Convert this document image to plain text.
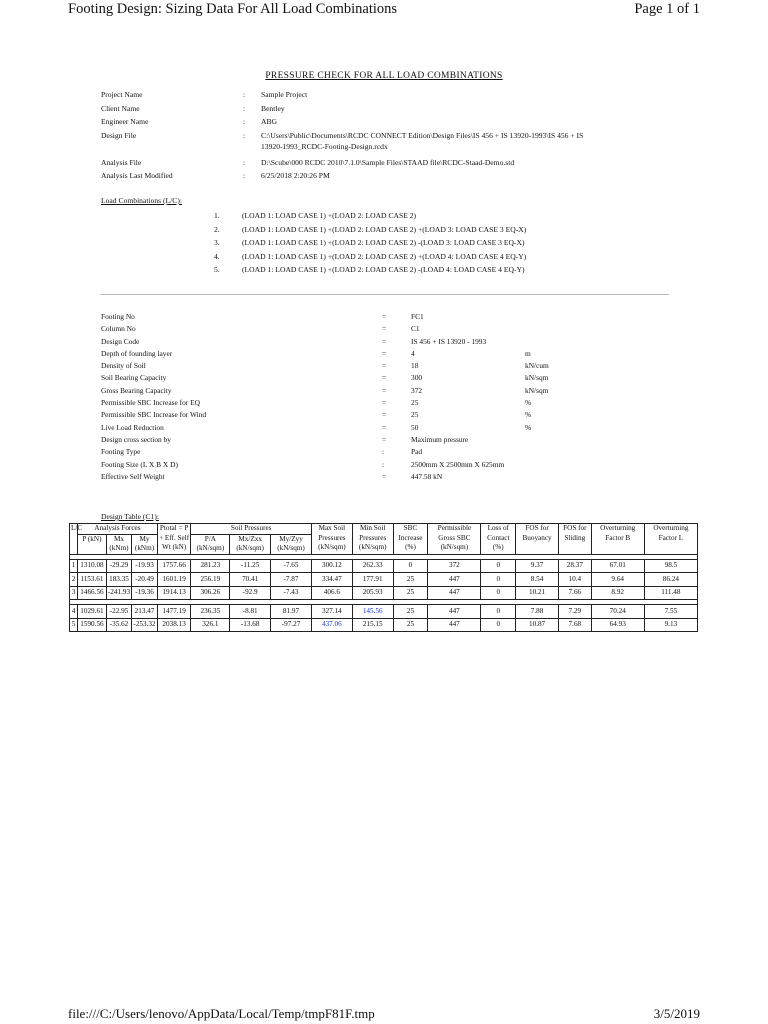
Footing Design: Sizing Data For All Load Combinations	Page 1 of 1
PRESSURE CHECK FOR ALL LOAD COMBINATIONS
Project Name	: Sample Project
Client Name	: Bentley
Engineer Name	: ABG
Design File	: C:\Users\Public\Documents\RCDC CONNECT Edition\Design Files\IS 456 + IS 13920-1993\IS 456 + IS 13920-1993_RCDC-Footing-Design.rcdx
Analysis File	: D:\Scube\000 RCDC 2010\7.1.0\Sample Files\STAAD file\RCDC-Staad-Demo.std
Analysis Last Modified	: 6/25/2018 2:20:26 PM
Load Combinations (L/C):
1.	(LOAD 1: LOAD CASE 1) +(LOAD 2: LOAD CASE 2)
2.	(LOAD 1: LOAD CASE 1) +(LOAD 2: LOAD CASE 2) +(LOAD 3: LOAD CASE 3 EQ-X)
3.	(LOAD 1: LOAD CASE 1) +(LOAD 2: LOAD CASE 2) -(LOAD 3: LOAD CASE 3 EQ-X)
4.	(LOAD 1: LOAD CASE 1) +(LOAD 2: LOAD CASE 2) +(LOAD 4: LOAD CASE 4 EQ-Y)
5.	(LOAD 1: LOAD CASE 1) +(LOAD 2: LOAD CASE 2) -(LOAD 4: LOAD CASE 4 EQ-Y)
Footing No	=	FC1
Column No	=	C1
Design Code	=	IS 456 + IS 13920 - 1993
Depth of founding layer	=	4	m
Density of Soil	=	18	kN/cum
Soil Bearing Capacity	=	300	kN/sqm
Gross Bearing Capacity	=	372	kN/sqm
Permissible SBC Increase for EQ	=	25	%
Permissible SBC Increase for Wind	=	25	%
Live Load Reduction	=	50	%
Design cross section by	=	Maximum pressure
Footing Type	:	Pad
Footing Size (L X B X D)	:	2500mm X 2500mm X 625mm
Effective Self Weight	=	447.58 kN
Design Table (C1):
L/C	Analysis Forces			Ptotal = P + Eff. Self Wt (kN)	Soil Pressures			Max Soil Pressures (kN/sqm)	Min Soil Pressures (kN/sqm)	SBC Increase (%)	Permissible Gross SBC (kN/sqm)	Loss of Contact (%)	FOS for Buoyancy	FOS for Sliding	Overturning Factor B	Overturning Factor L
	P (kN)	Mx (kNm)	My (kNm)		P/A (kN/sqm)	Mx/Zxx (kN/sqm)	My/Zyy (kN/sqm)									

1	1310.08	-29.29	-19.93	1757.66	281.23	-11.25	-7.65	300.12	262.33	0	372	0	9.37	28.37	67.01	98.5
2	1153.61	183.35	-20.49	1601.19	256.19	70.41	-7.87	334.47	177.91	25	447	0	8.54	10.4	9.64	86.24
3	1466.56	-241.93	-19.36	1914.13	306.26	-92.9	-7.43	406.6	205.93	25	447	0	10.21	7.66	8.92	111.48

4	1029.61	-22.95	213.47	1477.19	236.35	-8.81	81.97	327.14	145.56	25	447	0	7.88	7.29	70.24	7.55
5	1590.56	-35.62	-253.32	2038.13	326.1	-13.68	-97.27	437.06	215.15	25	447	0	10.87	7.68	64.93	9.13
file:///C:/Users/lenovo/AppData/Local/Temp/tmpF81F.tmp	3/5/2019
